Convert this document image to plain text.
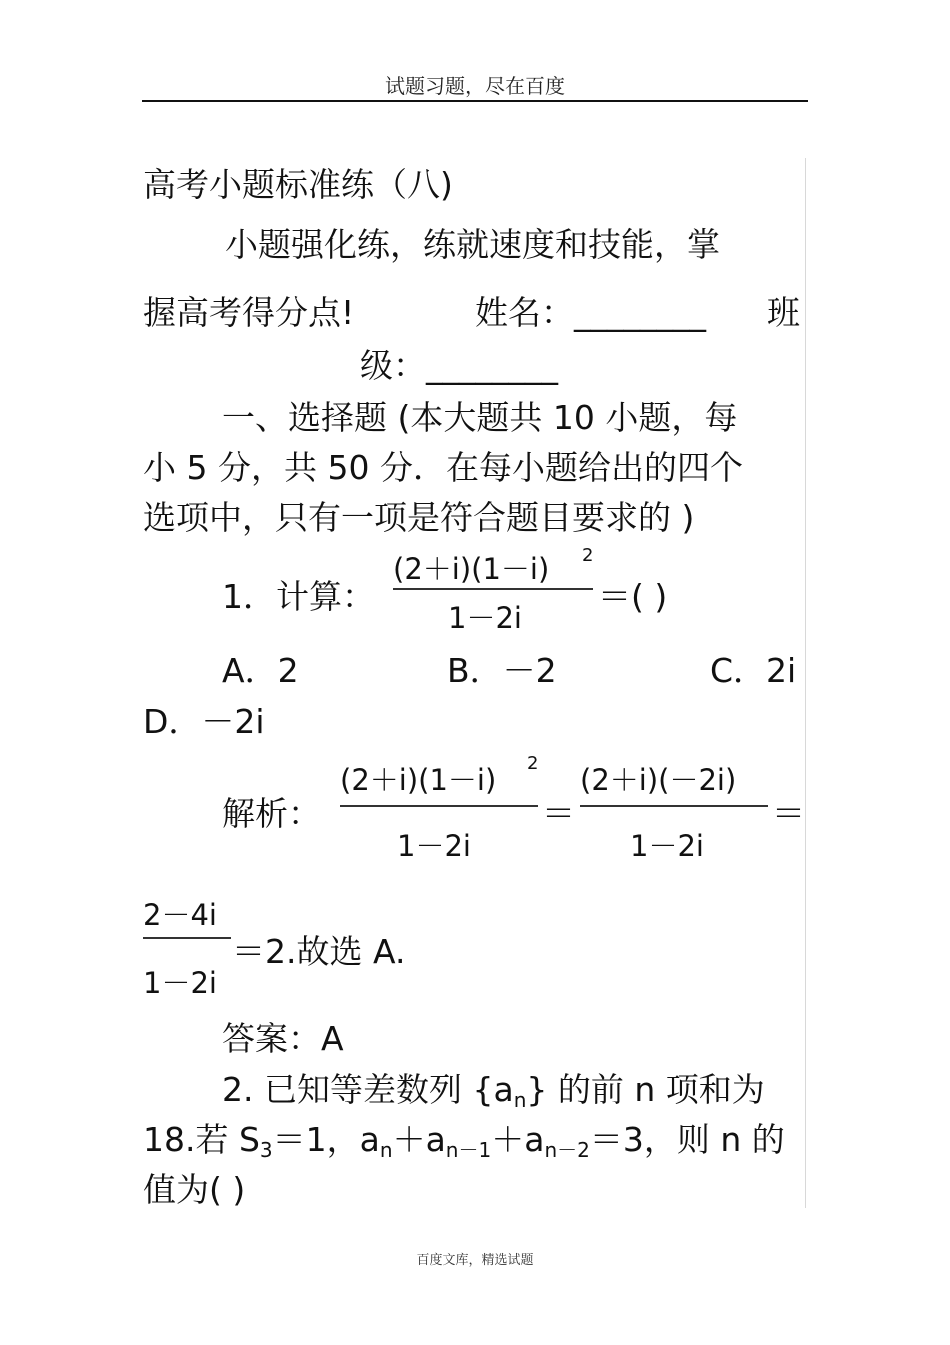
试题习题，尽在百度
高考小题标准练（八)
小题强化练，练就速度和技能，掌
握高考得分点!	姓名：________ 班
级：________
一、选择题 (本大题共 10 小题，每
小 5 分，共 50 分．在每小题给出的四个
选项中，只有一项是符合题目要求的 )
1．计算：
(2＋i)(1－i) 2
1－2i
＝( )
A．2	B．－2	C．2i
D．－2i
解析：
(2＋i)(1－i) 2
1－2i
＝
(2＋i)(－2i)
1－2i
＝
2－4i
1－2i
＝2.故选 A.
答案：A
2. 已知等差数列 {an} 的前 n 项和为
18.若 S3＝1，an＋an－1＋an－2＝3，则 n 的
值为( )
百度文库，精选试题
